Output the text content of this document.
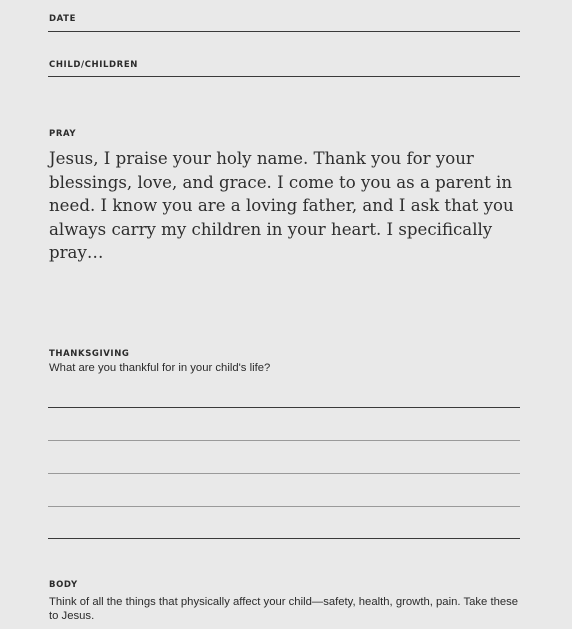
DATE
CHILD/CHILDREN
PRAY

Jesus, I praise your holy name. Thank you for your blessings, love, and grace. I come to you as a parent in need. I know you are a loving father, and I ask that you always carry my children in your heart. I specifically pray…

THANKSGIVING

What are you thankful for in your child's life?

BODY

Think of all the things that physically affect your child—safety, health, growth, pain. Take these to Jesus.
